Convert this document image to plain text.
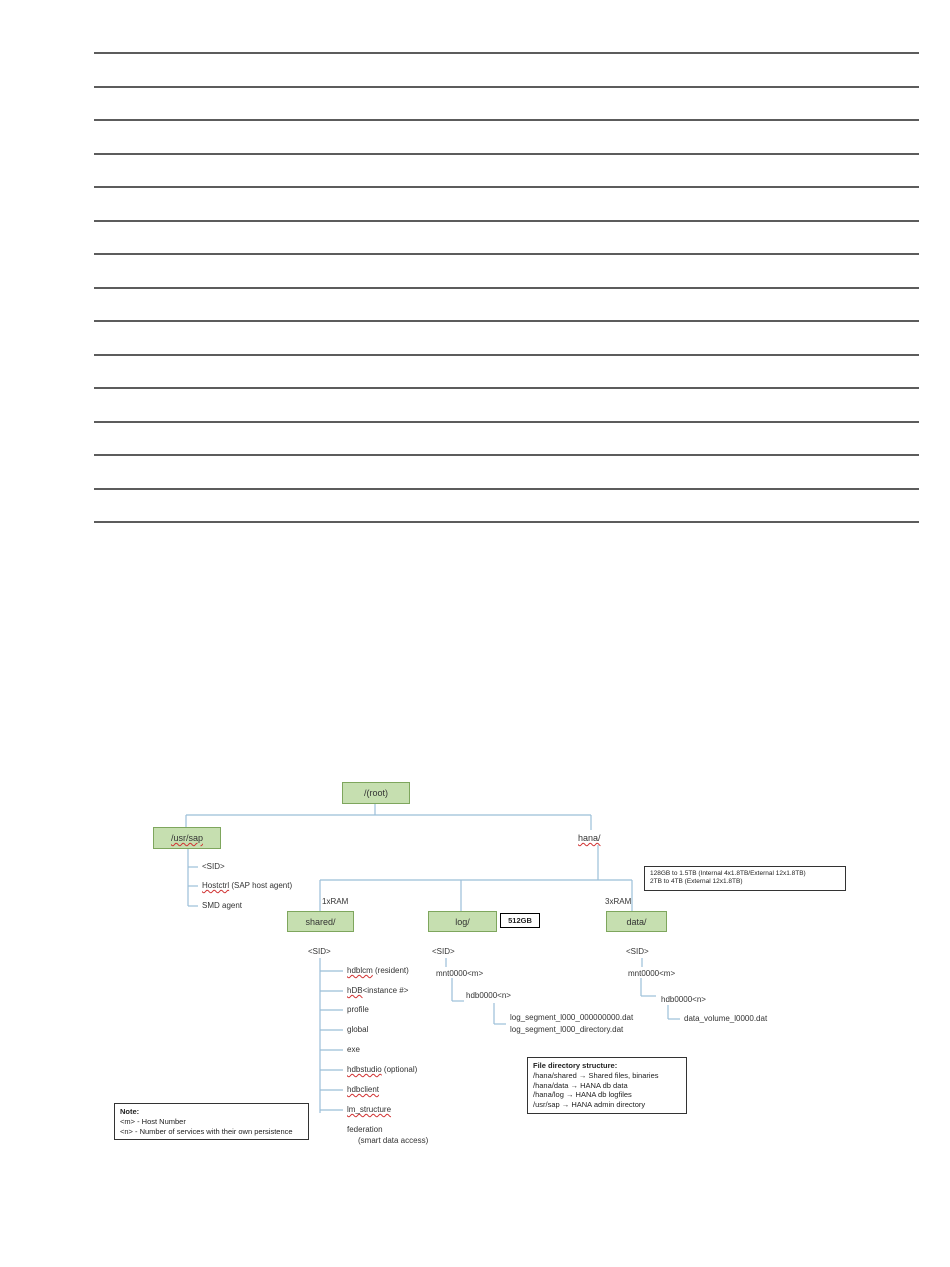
/(root)
/usr/sap	hana/
<SID>
Hostctrl (SAP host agent)
SMD agent
128GB to 1.5TB (Internal 4x1.8TB/External 12x1.8TB)
2TB to 4TB (External 12x1.8TB)
1xRAM
shared/
<SID>
hdblcm (resident)
hDB<instance #>
profile
global
exe
hdbstudio (optional)
hdbclient
lm_structure
federation
(smart data access)
log/	512GB
<SID>
mnt0000<m>
hdb0000<n>
log_segment_l000_000000000.dat
log_segment_l000_directory.dat
3xRAM
data/
<SID>
mnt0000<m>
hdb0000<n>
data_volume_l0000.dat
File directory structure:
/hana/shared → Shared files, binaries
/hana/data → HANA db data
/hana/log → HANA db logfiles
/usr/sap → HANA admin directory
Note:
<m> - Host Number
<n> - Number of services with their own persistence
